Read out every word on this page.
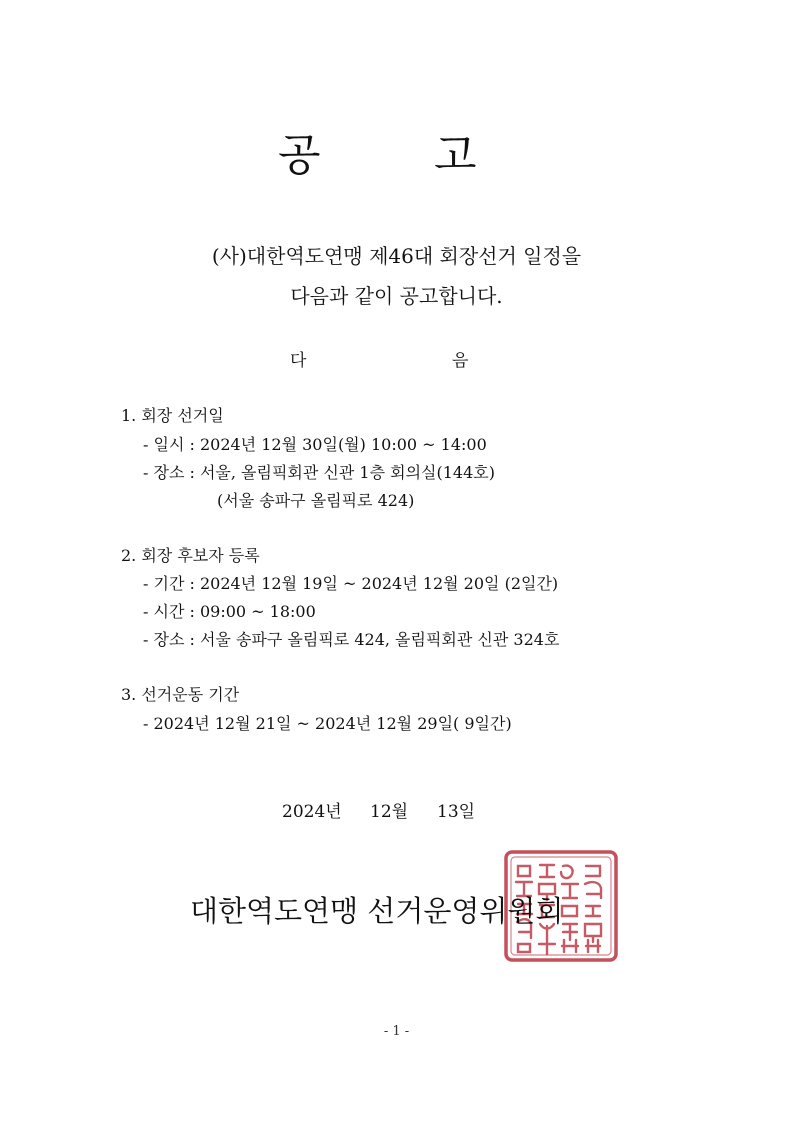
공	고
(사)대한역도연맹 제46대 회장선거 일정을
다음과 같이 공고합니다.
다	음
1. 회장 선거일
- 일시 : 2024년 12월 30일(월) 10:00 ~ 14:00
- 장소 : 서울, 올림픽회관 신관 1층 회의실(144호)
(서울 송파구 올림픽로 424)
2. 회장 후보자 등록
- 기간 : 2024년 12월 19일 ~ 2024년 12월 20일 (2일간)
- 시간 : 09:00 ~ 18:00
- 장소 : 서울 송파구 올림픽로 424, 올림픽회관 신관 324호
3. 선거운동 기간
- 2024년 12월 21일 ~ 2024년 12월 29일( 9일간)

2024년

12월

13일

대한역도연맹 선거운영위원회
- 1 -
